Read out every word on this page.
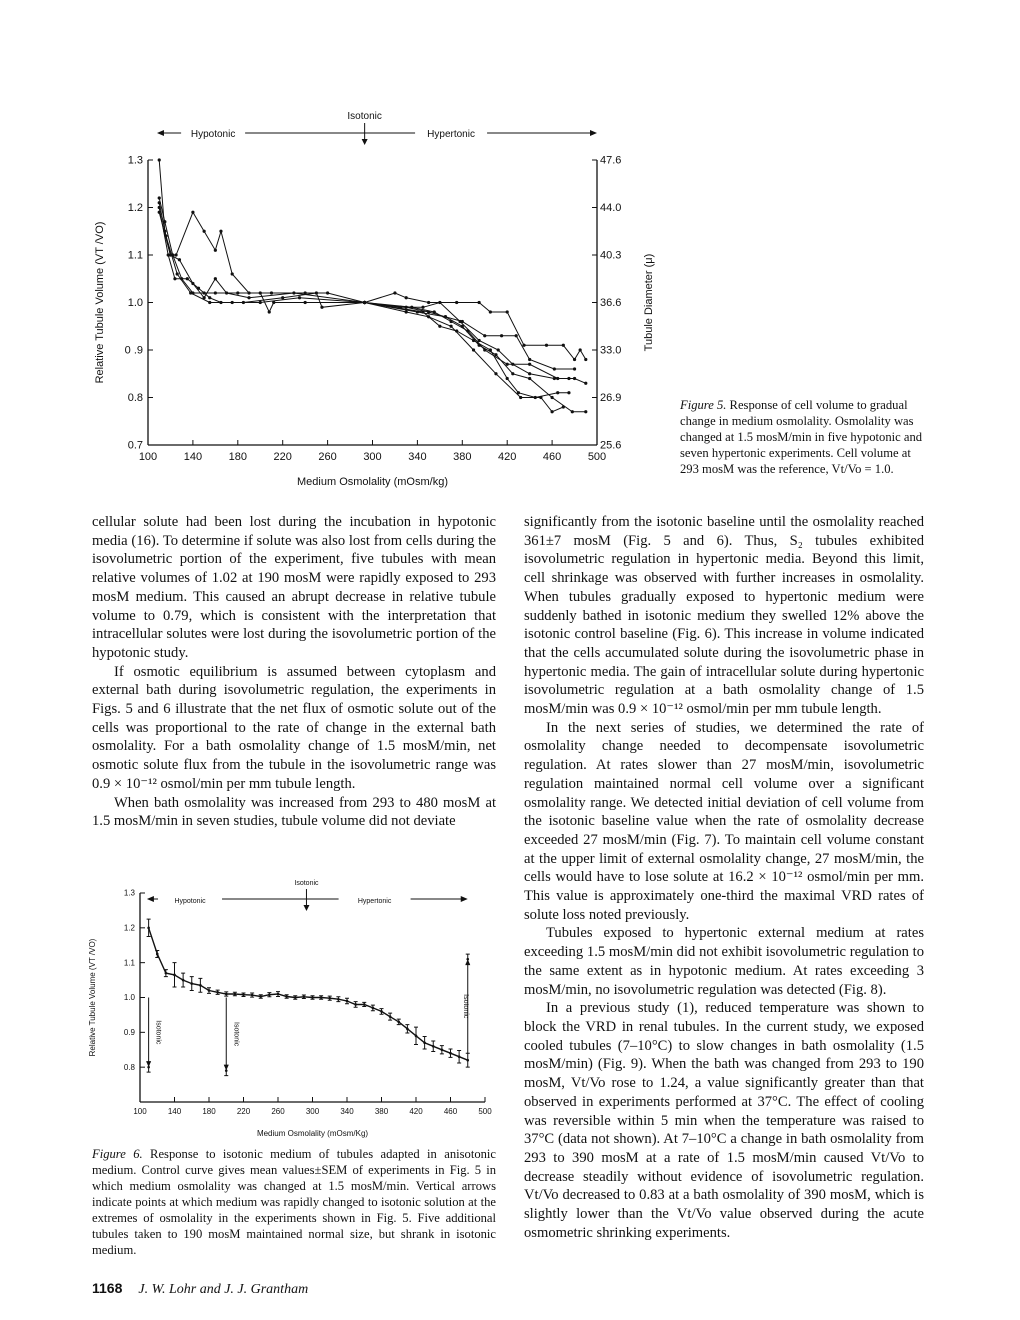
100 140 180 220 260 300 340 380 420 460 500
0.7
0.8
0 .9
1.0
1.1
1.2
1.3
25.6
26.9
33.0
36.6
40.3
44.0
47.6
Tubule Diameter (μ)
Medium Osmolality (mOsm/kg)
Relative Tubule Volume (VT /VO)
Isotonic
Hypotonic	Hypertonic
Figure 5. Response of cell volume to gradual change in medium osmolality. Osmolality was changed at 1.5 mosM/min in five hypotonic and seven hypertonic experiments. Cell volume at 293 mosM was the reference, Vt/Vo = 1.0.

cellular solute had been lost during the incubation in hypotonic media (16). To determine if solute was also lost from cells during the isovolumetric portion of the experiment, five tubules with mean relative volumes of 1.02 at 190 mosM were rapidly exposed to 293 mosM medium. This caused an abrupt decrease in relative tubule volume to 0.79, which is consistent with the interpretation that intracellular solutes were lost during the isovolumetric portion of the hypotonic study.

If osmotic equilibrium is assumed between cytoplasm and external bath during isovolumetric regulation, the experiments in Figs. 5 and 6 illustrate that the net flux of osmotic solute out of the cells was proportional to the rate of change in the external bath osmolality. For a bath osmolality change of 1.5 mosM/min, net osmotic solute flux from the tubule in the isovolumetric range was 0.9 × 10⁻¹² osmol/min per mm tubule length.

When bath osmolality was increased from 293 to 480 mosM at 1.5 mosM/min in seven studies, tubule volume did not deviate

significantly from the isotonic baseline until the osmolality reached 361±7 mosM (Fig. 5 and 6). Thus, S₂ tubules exhibited isovolumetric regulation in hypertonic media. Beyond this limit, cell shrinkage was observed with further increases in osmolality. When tubules gradually exposed to hypertonic medium were suddenly bathed in isotonic medium they swelled 12% above the isotonic control baseline (Fig. 6). This increase in volume indicated that the cells accumulated solute during the isovolumetric phase in hypertonic media. The gain of intracellular solute during hypertonic isovolumetric regulation at a bath osmolality change of 1.5 mosM/min was 0.9 × 10⁻¹² osmol/min per mm tubule length.

In the next series of studies, we determined the rate of osmolality change needed to decompensate isovolumetric regulation. At rates slower than 27 mosM/min, isovolumetric regulation maintained normal cell volume over a significant osmolality range. We detected initial deviation of cell volume from the isotonic baseline value when the rate of osmolality decrease exceeded 27 mosM/min (Fig. 7). To maintain cell volume constant at the upper limit of external osmolality change, 27 mosM/min, the cells would have to lose solute at 16.2 × 10⁻¹² osmol/min per mm. This value is approximately one-third the maximal VRD rates of solute loss noted previously.

Tubules exposed to hypertonic external medium at rates exceeding 1.5 mosM/min did not exhibit isovolumetric regulation to the same extent as in hypotonic medium. At rates exceeding 3 mosM/min, no isovolumetric regulation was detected (Fig. 8).

In a previous study (1), reduced temperature was shown to block the VRD in renal tubules. In the current study, we exposed cooled tubules (7–10°C) to slow changes in bath osmolality (1.5 mosM/min) (Fig. 9). When the bath was changed from 293 to 190 mosM, Vt/Vo rose to 1.24, a value significantly greater than that observed in experiments performed at 37°C. The effect of cooling was reversible within 5 min when the temperature was raised to 37°C (data not shown). At 7–10°C a change in bath osmolality from 293 to 390 mosM at a rate of 1.5 mosM/min caused Vt/Vo to decrease steadily without evidence of isovolumetric regulation. Vt/Vo decreased to 0.83 at a bath osmolality of 390 mosM, which is slightly lower than the Vt/Vo value observed during the acute osmometric shrinking experiments.

100	140	180	220	260	300	340	380	420	460	500
0.8
0.9
1.0
1.1
1.2
1.3
Medium Osmolality (mOsm/Kg)
Relative Tubule Volume (VT /VO)
Isotonic
Hypotonic	Hypertonic
Isotonic	Isotonic
Isotonic
Figure 6. Response to isotonic medium of tubules adapted in anisotonic medium. Control curve gives mean values±SEM of experiments in Fig. 5 in which medium osmolality was changed at 1.5 mosM/min. Vertical arrows indicate points at which medium was rapidly changed to isotonic solution at the extremes of osmolality in the experiments shown in Fig. 5. Five additional tubules taken to 190 mosM maintained normal size, but shrank in isotonic medium.
1168 J. W. Lohr and J. J. Grantham
